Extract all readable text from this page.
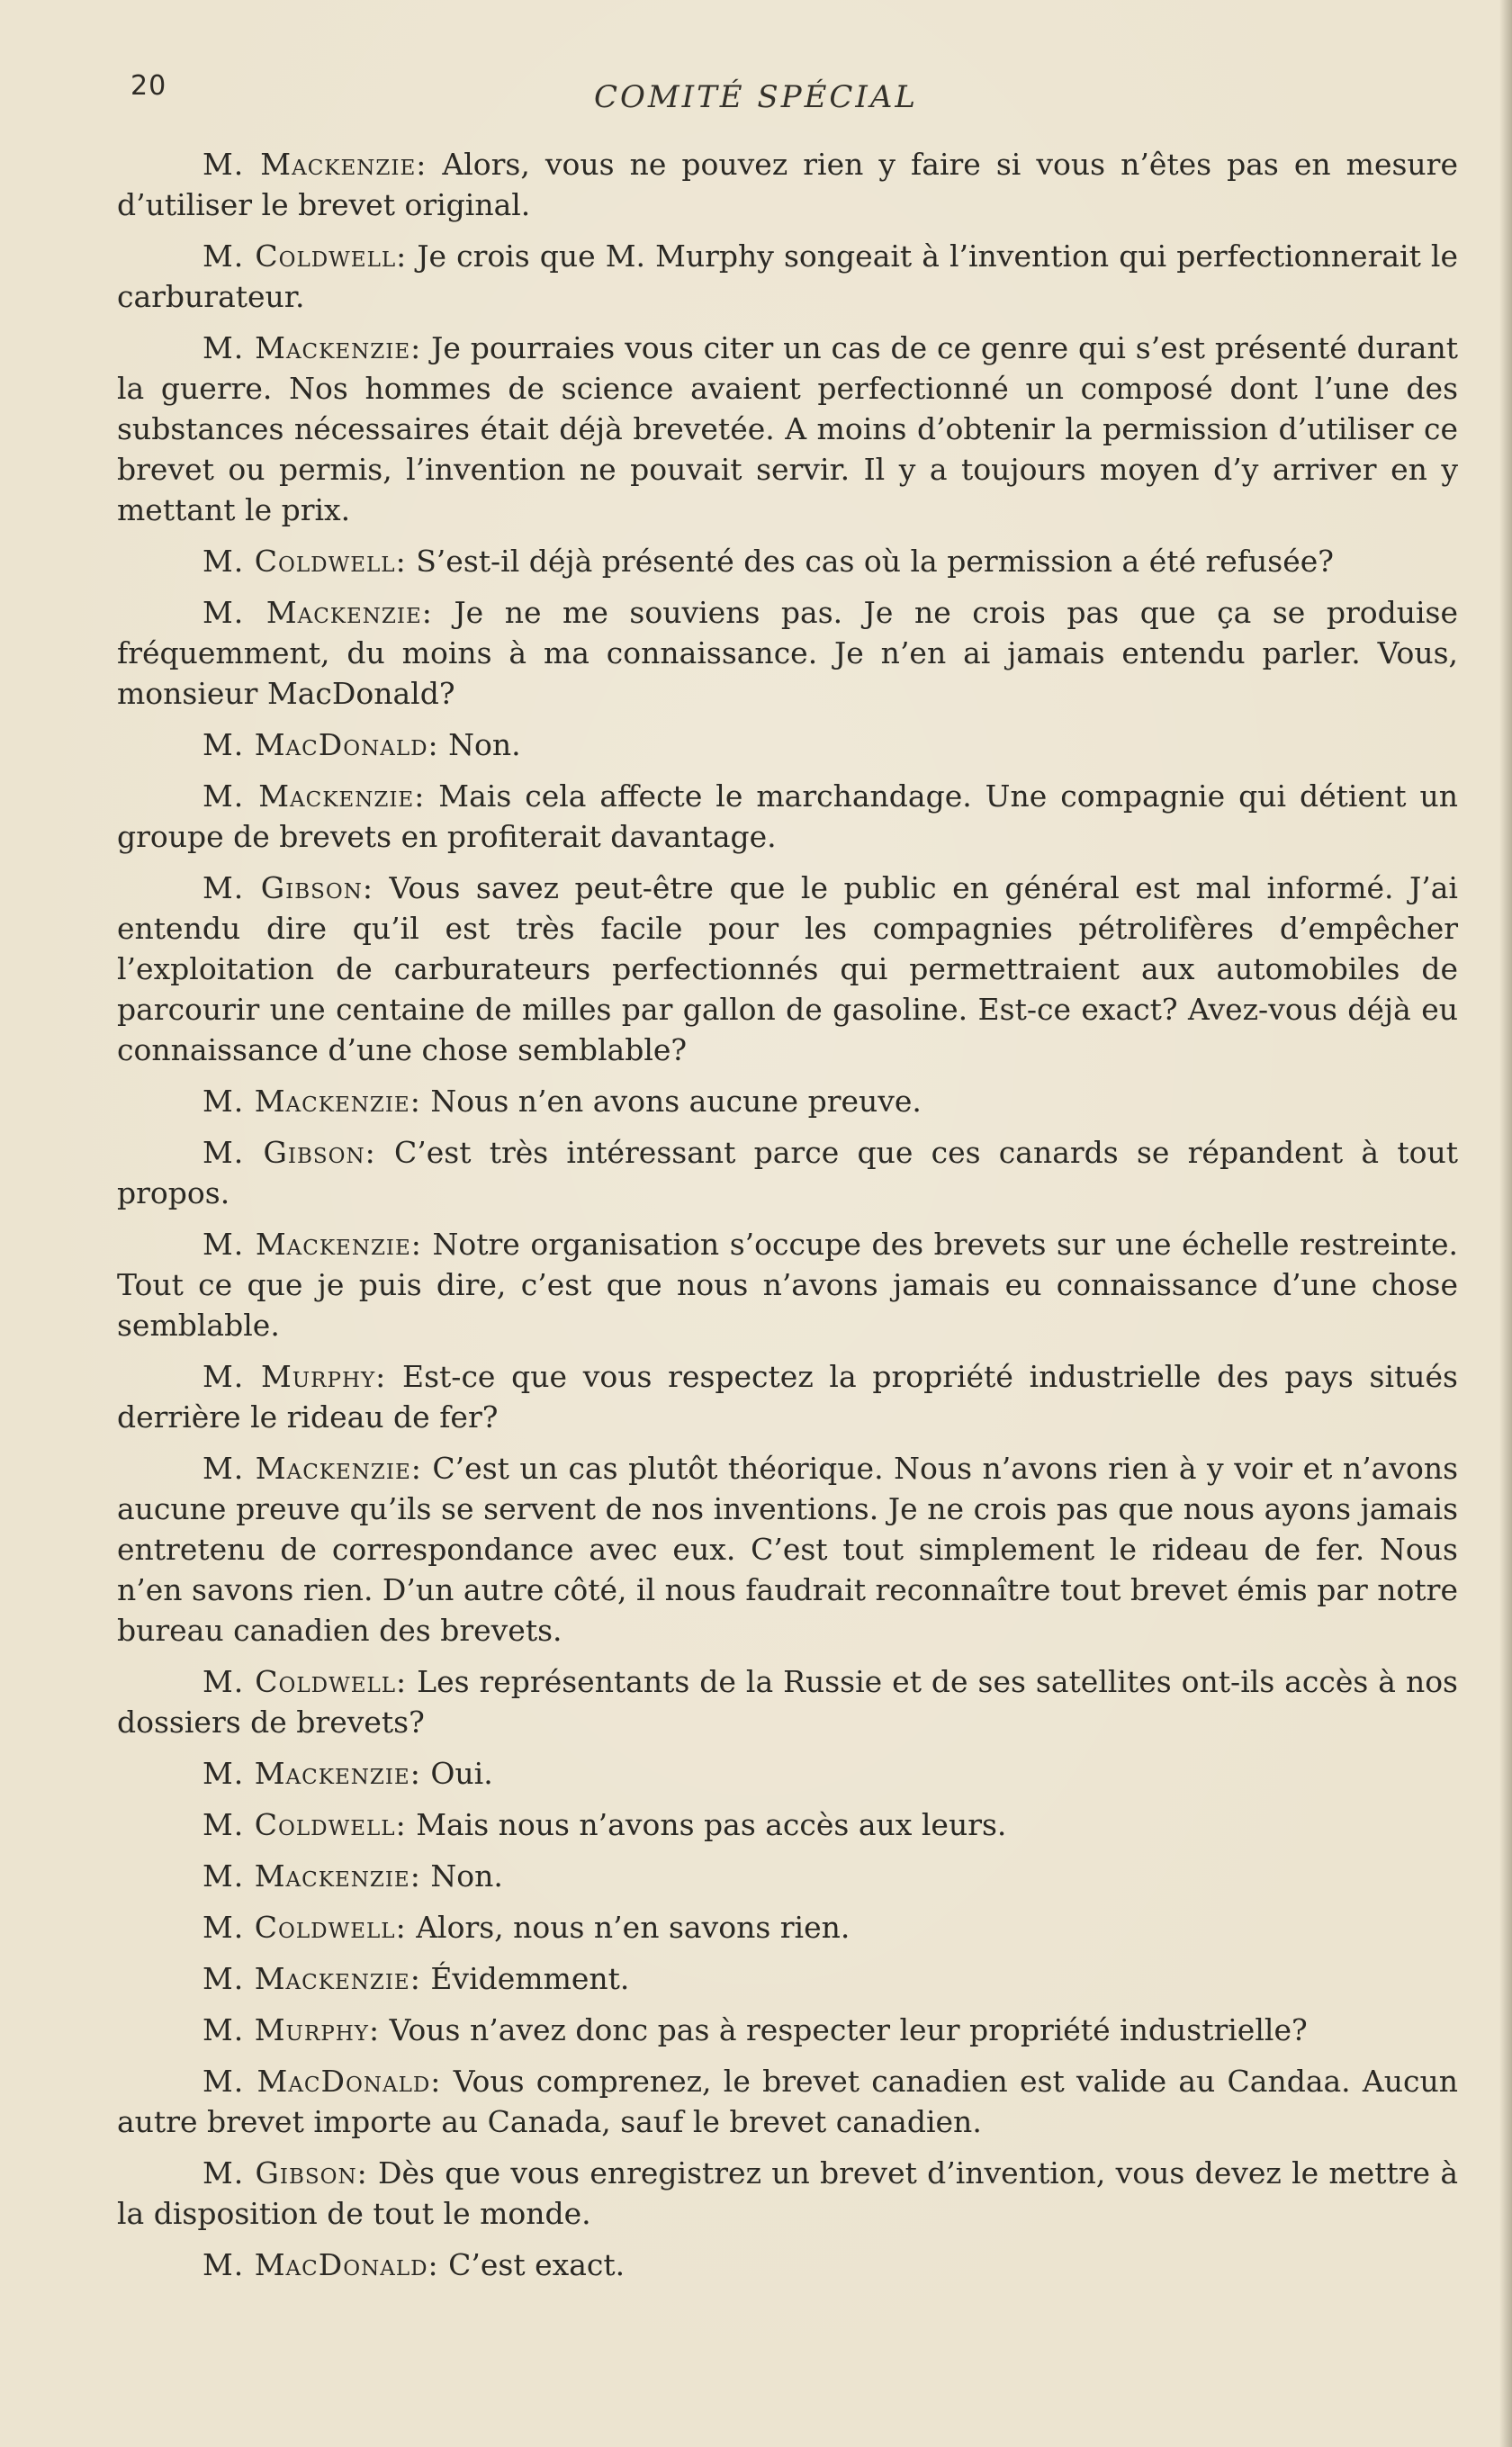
20	COMITÉ SPÉCIAL

M. Mackenzie: Alors, vous ne pouvez rien y faire si vous n’êtes pas en mesure d’utiliser le brevet original.

M. Coldwell: Je crois que M. Murphy songeait à l’invention qui perfectionnerait le carburateur.

M. Mackenzie: Je pourraies vous citer un cas de ce genre qui s’est présenté durant la guerre. Nos hommes de science avaient perfectionné un composé dont l’une des substances nécessaires était déjà brevetée. A moins d’obtenir la permission d’utiliser ce brevet ou permis, l’invention ne pouvait servir. Il y a toujours moyen d’y arriver en y mettant le prix.

M. Coldwell: S’est-il déjà présenté des cas où la permission a été refusée?

M. Mackenzie: Je ne me souviens pas. Je ne crois pas que ça se produise fréquemment, du moins à ma connaissance. Je n’en ai jamais entendu parler. Vous, monsieur MacDonald?

M. MacDonald: Non.

M. Mackenzie: Mais cela affecte le marchandage. Une compagnie qui détient un groupe de brevets en profiterait davantage.

M. Gibson: Vous savez peut-être que le public en général est mal informé. J’ai entendu dire qu’il est très facile pour les compagnies pétrolifères d’empêcher l’exploitation de carburateurs perfectionnés qui permettraient aux automobiles de parcourir une centaine de milles par gallon de gasoline. Est-ce exact? Avez-vous déjà eu connaissance d’une chose semblable?

M. Mackenzie: Nous n’en avons aucune preuve.

M. Gibson: C’est très intéressant parce que ces canards se répandent à tout propos.

M. Mackenzie: Notre organisation s’occupe des brevets sur une échelle restreinte. Tout ce que je puis dire, c’est que nous n’avons jamais eu connaissance d’une chose semblable.

M. Murphy: Est-ce que vous respectez la propriété industrielle des pays situés derrière le rideau de fer?

M. Mackenzie: C’est un cas plutôt théorique. Nous n’avons rien à y voir et n’avons aucune preuve qu’ils se servent de nos inventions. Je ne crois pas que nous ayons jamais entretenu de correspondance avec eux. C’est tout simplement le rideau de fer. Nous n’en savons rien. D’un autre côté, il nous faudrait reconnaître tout brevet émis par notre bureau canadien des brevets.

M. Coldwell: Les représentants de la Russie et de ses satellites ont-ils accès à nos dossiers de brevets?

M. Mackenzie: Oui.

M. Coldwell: Mais nous n’avons pas accès aux leurs.

M. Mackenzie: Non.

M. Coldwell: Alors, nous n’en savons rien.

M. Mackenzie: Évidemment.

M. Murphy: Vous n’avez donc pas à respecter leur propriété industrielle?

M. MacDonald: Vous comprenez, le brevet canadien est valide au Candaa. Aucun autre brevet importe au Canada, sauf le brevet canadien.

M. Gibson: Dès que vous enregistrez un brevet d’invention, vous devez le mettre à la disposition de tout le monde.

M. MacDonald: C’est exact.
